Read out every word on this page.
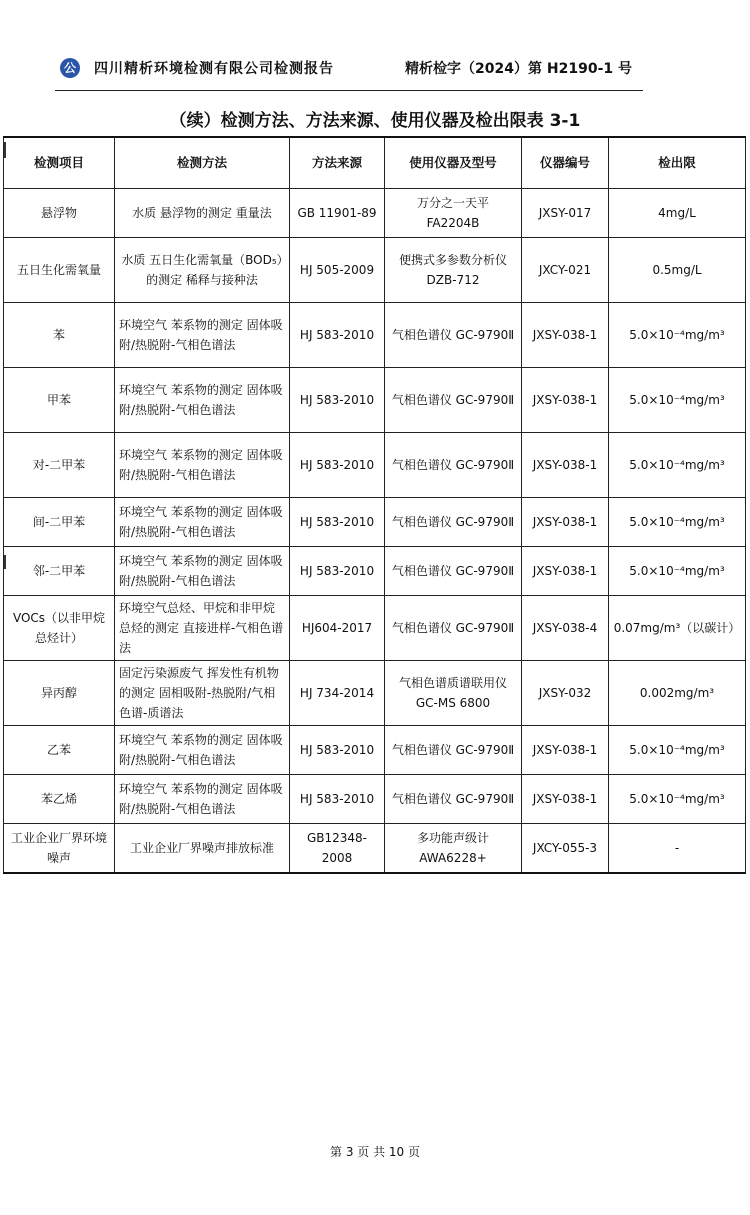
公 四川精析环境检测有限公司检测报告	精析检字（2024）第 H2190-1 号
（续）检测方法、方法来源、使用仪器及检出限表 3-1
检测项目	检测方法	方法来源	使用仪器及型号	仪器编号	检出限
悬浮物	水质 悬浮物的测定 重量法	GB 11901-89	万分之一天平 FA2204B	JXSY-017	4mg/L
五日生化需氧量	水质 五日生化需氧量（BOD₅）的测定 稀释与接种法	HJ 505-2009	便携式多参数分析仪 DZB-712	JXCY-021	0.5mg/L
苯	环境空气 苯系物的测定 固体吸附/热脱附-气相色谱法	HJ 583-2010	气相色谱仪 GC-9790Ⅱ	JXSY-038-1	5.0×10⁻⁴mg/m³
甲苯	环境空气 苯系物的测定 固体吸附/热脱附-气相色谱法	HJ 583-2010	气相色谱仪 GC-9790Ⅱ	JXSY-038-1	5.0×10⁻⁴mg/m³
对-二甲苯	环境空气 苯系物的测定 固体吸附/热脱附-气相色谱法	HJ 583-2010	气相色谱仪 GC-9790Ⅱ	JXSY-038-1	5.0×10⁻⁴mg/m³
间-二甲苯	环境空气 苯系物的测定 固体吸附/热脱附-气相色谱法	HJ 583-2010	气相色谱仪 GC-9790Ⅱ	JXSY-038-1	5.0×10⁻⁴mg/m³
邻-二甲苯	环境空气 苯系物的测定 固体吸附/热脱附-气相色谱法	HJ 583-2010	气相色谱仪 GC-9790Ⅱ	JXSY-038-1	5.0×10⁻⁴mg/m³
VOCs（以非甲烷总烃计）	环境空气总烃、甲烷和非甲烷总烃的测定 直接进样-气相色谱法	HJ604-2017	气相色谱仪 GC-9790Ⅱ	JXSY-038-4	0.07mg/m³（以碳计）
异丙醇	固定污染源废气 挥发性有机物的测定 固相吸附-热脱附/气相色谱-质谱法	HJ 734-2014	气相色谱质谱联用仪 GC-MS 6800	JXSY-032	0.002mg/m³
乙苯	环境空气 苯系物的测定 固体吸附/热脱附-气相色谱法	HJ 583-2010	气相色谱仪 GC-9790Ⅱ	JXSY-038-1	5.0×10⁻⁴mg/m³
苯乙烯	环境空气 苯系物的测定 固体吸附/热脱附-气相色谱法	HJ 583-2010	气相色谱仪 GC-9790Ⅱ	JXSY-038-1	5.0×10⁻⁴mg/m³
工业企业厂界环境噪声	工业企业厂界噪声排放标准	GB12348-2008	多功能声级计 AWA6228+	JXCY-055-3	-
第 3 页 共 10 页
